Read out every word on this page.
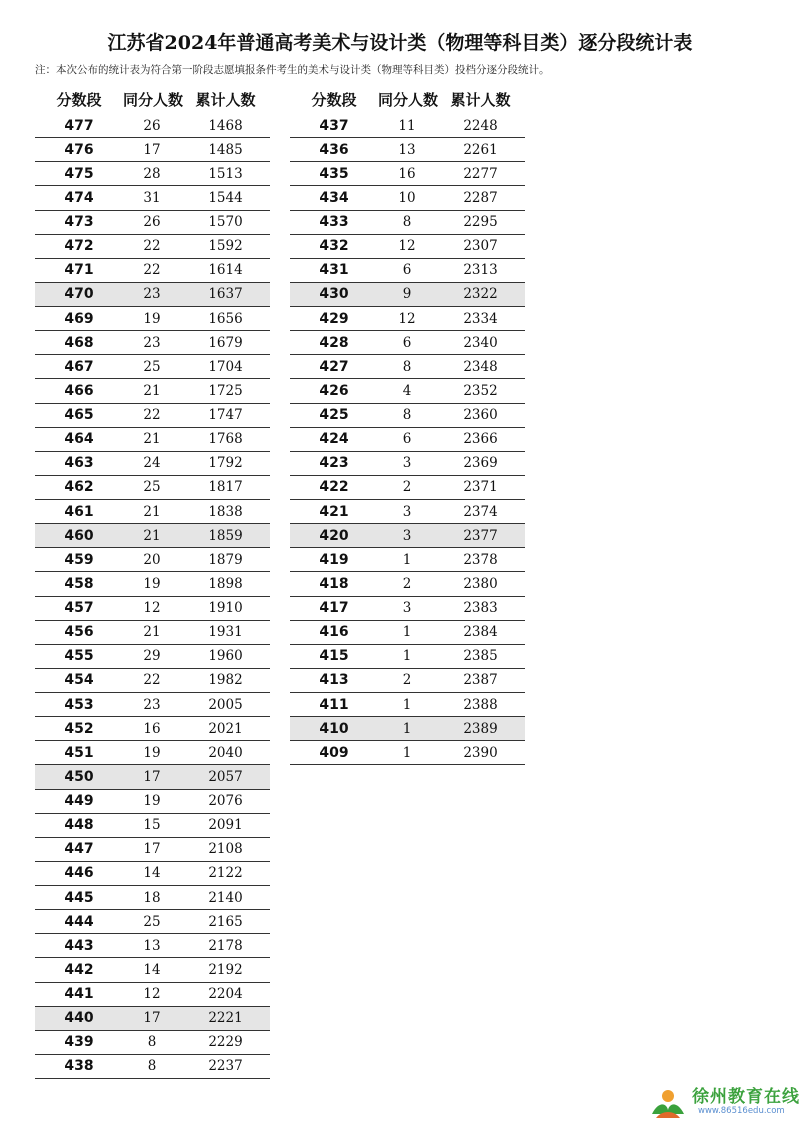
江苏省2024年普通高考美术与设计类（物理等科目类）逐分段统计表
注：本次公布的统计表为符合第一阶段志愿填报条件考生的美术与设计类（物理等科目类）投档分逐分段统计。
分数段	同分人数	累计人数
477	26	1468
476	17	1485
475	28	1513
474	31	1544
473	26	1570
472	22	1592
471	22	1614
470	23	1637
469	19	1656
468	23	1679
467	25	1704
466	21	1725
465	22	1747
464	21	1768
463	24	1792
462	25	1817
461	21	1838
460	21	1859
459	20	1879
458	19	1898
457	12	1910
456	21	1931
455	29	1960
454	22	1982
453	23	2005
452	16	2021
451	19	2040
450	17	2057
449	19	2076
448	15	2091
447	17	2108
446	14	2122
445	18	2140
444	25	2165
443	13	2178
442	14	2192
441	12	2204
440	17	2221
439	8	2229
438	8	2237
分数段	同分人数	累计人数
437	11	2248
436	13	2261
435	16	2277
434	10	2287
433	8	2295
432	12	2307
431	6	2313
430	9	2322
429	12	2334
428	6	2340
427	8	2348
426	4	2352
425	8	2360
424	6	2366
423	3	2369
422	2	2371
421	3	2374
420	3	2377
419	1	2378
418	2	2380
417	3	2383
416	1	2384
415	1	2385
413	2	2387
411	1	2388
410	1	2389
409	1	2390
徐州教育在线
www.86516edu.com
